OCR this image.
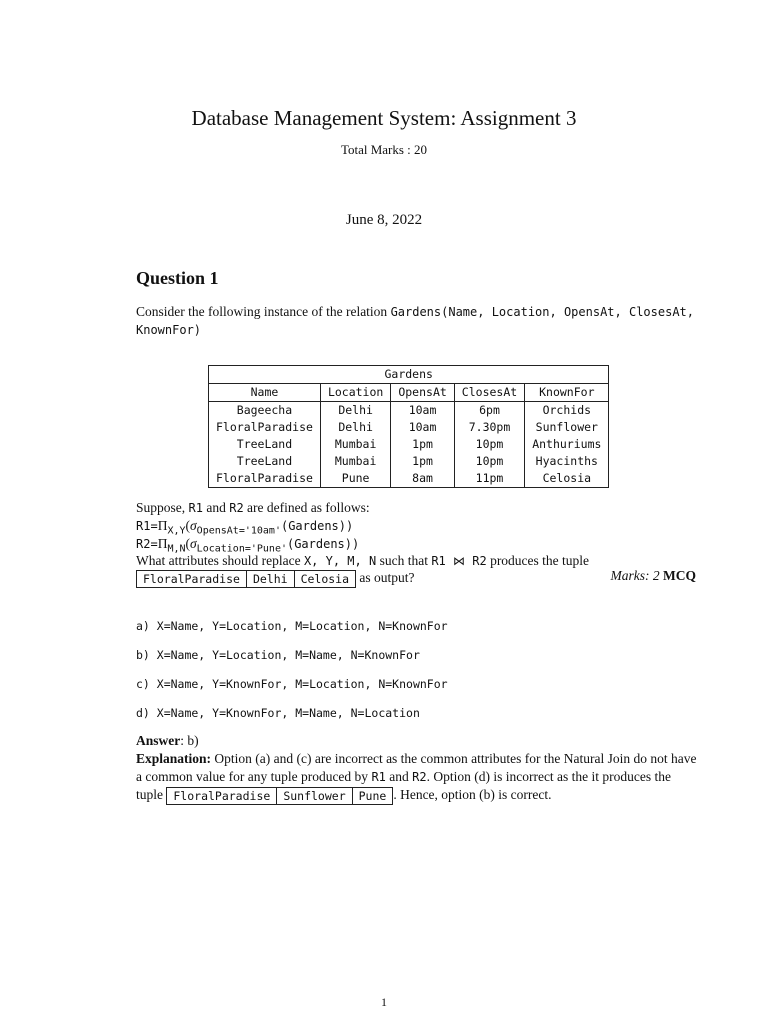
Database Management System: Assignment 3
Total Marks : 20
June 8, 2022
Question 1
Consider the following instance of the relation Gardens(Name, Location, OpensAt, ClosesAt, KnownFor)
Gardens
Name	Location	OpensAt	ClosesAt	KnownFor
Bageecha	Delhi	10am	6pm	Orchids
FloralParadise	Delhi	10am	7.30pm	Sunflower
TreeLand	Mumbai	1pm	10pm	Anthuriums
TreeLand	Mumbai	1pm	10pm	Hyacinths
FloralParadise	Pune	8am	11pm	Celosia
Suppose, R1 and R2 are defined as follows:
$R1=\Pi_{X,Y}(\sigma_{OpensAt='10am'}(Gardens))$
$R2=\Pi_{M,N}(\sigma_{Location='Pune'}(Gardens))$
What attributes should replace X, Y, M, N such that R1 ⋈ R2 produces the tuple
FloralParadise	Delhi	Celosia as output?	Marks: 2 MCQ
a) X=Name, Y=Location, M=Location, N=KnownFor
b) X=Name, Y=Location, M=Name, N=KnownFor
c) X=Name, Y=KnownFor, M=Location, N=KnownFor
d) X=Name, Y=KnownFor, M=Name, N=Location
Answer: b)
Explanation: Option (a) and (c) are incorrect as the common attributes for the Natural Join do not have a common value for any tuple produced by R1 and R2. Option (d) is incorrect as the it produces the tuple FloralParadise	Sunflower	Pune . Hence, option (b) is correct.
1
